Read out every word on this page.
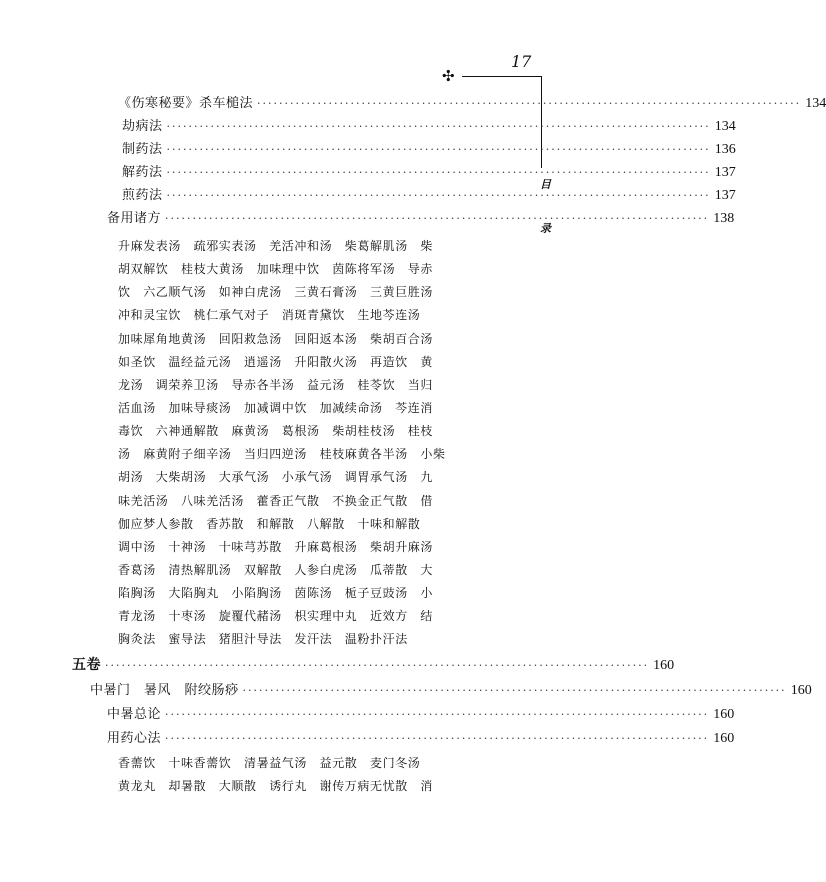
17
✣
目
录
《伤寒秘要》杀车槌法 ··································································································· 134
劫病法 ··································································································· 134
制药法 ··································································································· 136
解药法 ··································································································· 137
煎药法 ··································································································· 137
备用诸方 ··································································································· 138
升麻发表汤　疏邪实表汤　羌活冲和汤　柴葛解肌汤　柴
胡双解饮　桂枝大黄汤　加味理中饮　茵陈将军汤　导赤
饮　六乙顺气汤　如神白虎汤　三黄石膏汤　三黄巨胜汤
冲和灵宝饮　桃仁承气对子　消斑青黛饮　生地芩连汤
加味犀角地黄汤　回阳救急汤　回阳返本汤　柴胡百合汤
如圣饮　温经益元汤　逍遥汤　升阳散火汤　再造饮　黄
龙汤　调荣养卫汤　导赤各半汤　益元汤　桂苓饮　当归
活血汤　加味导痰汤　加减调中饮　加减续命汤　芩连消
毒饮　六神通解散　麻黄汤　葛根汤　柴胡桂枝汤　桂枝
汤　麻黄附子细辛汤　当归四逆汤　桂枝麻黄各半汤　小柴
胡汤　大柴胡汤　大承气汤　小承气汤　调胃承气汤　九
味羌活汤　八味羌活汤　藿香正气散　不换金正气散　借
伽应梦人参散　香苏散　和解散　八解散　十味和解散
调中汤　十神汤　十味芎苏散　升麻葛根汤　柴胡升麻汤
香葛汤　清热解肌汤　双解散　人参白虎汤　瓜蒂散　大
陷胸汤　大陷胸丸　小陷胸汤　茵陈汤　栀子豆豉汤　小
青龙汤　十枣汤　旋覆代赭汤　枳实理中丸　近效方　结
胸灸法　蜜导法　猪胆汁导法　发汗法　温粉扑汗法
五卷 ··································································································· 160
中暑门　暑风　附绞肠痧 ··································································································· 160
中暑总论 ··································································································· 160
用药心法 ··································································································· 160
香薷饮　十味香薷饮　清暑益气汤　益元散　麦门冬汤
黄龙丸　却暑散　大顺散　诱行丸　谢传万病无忧散　消
